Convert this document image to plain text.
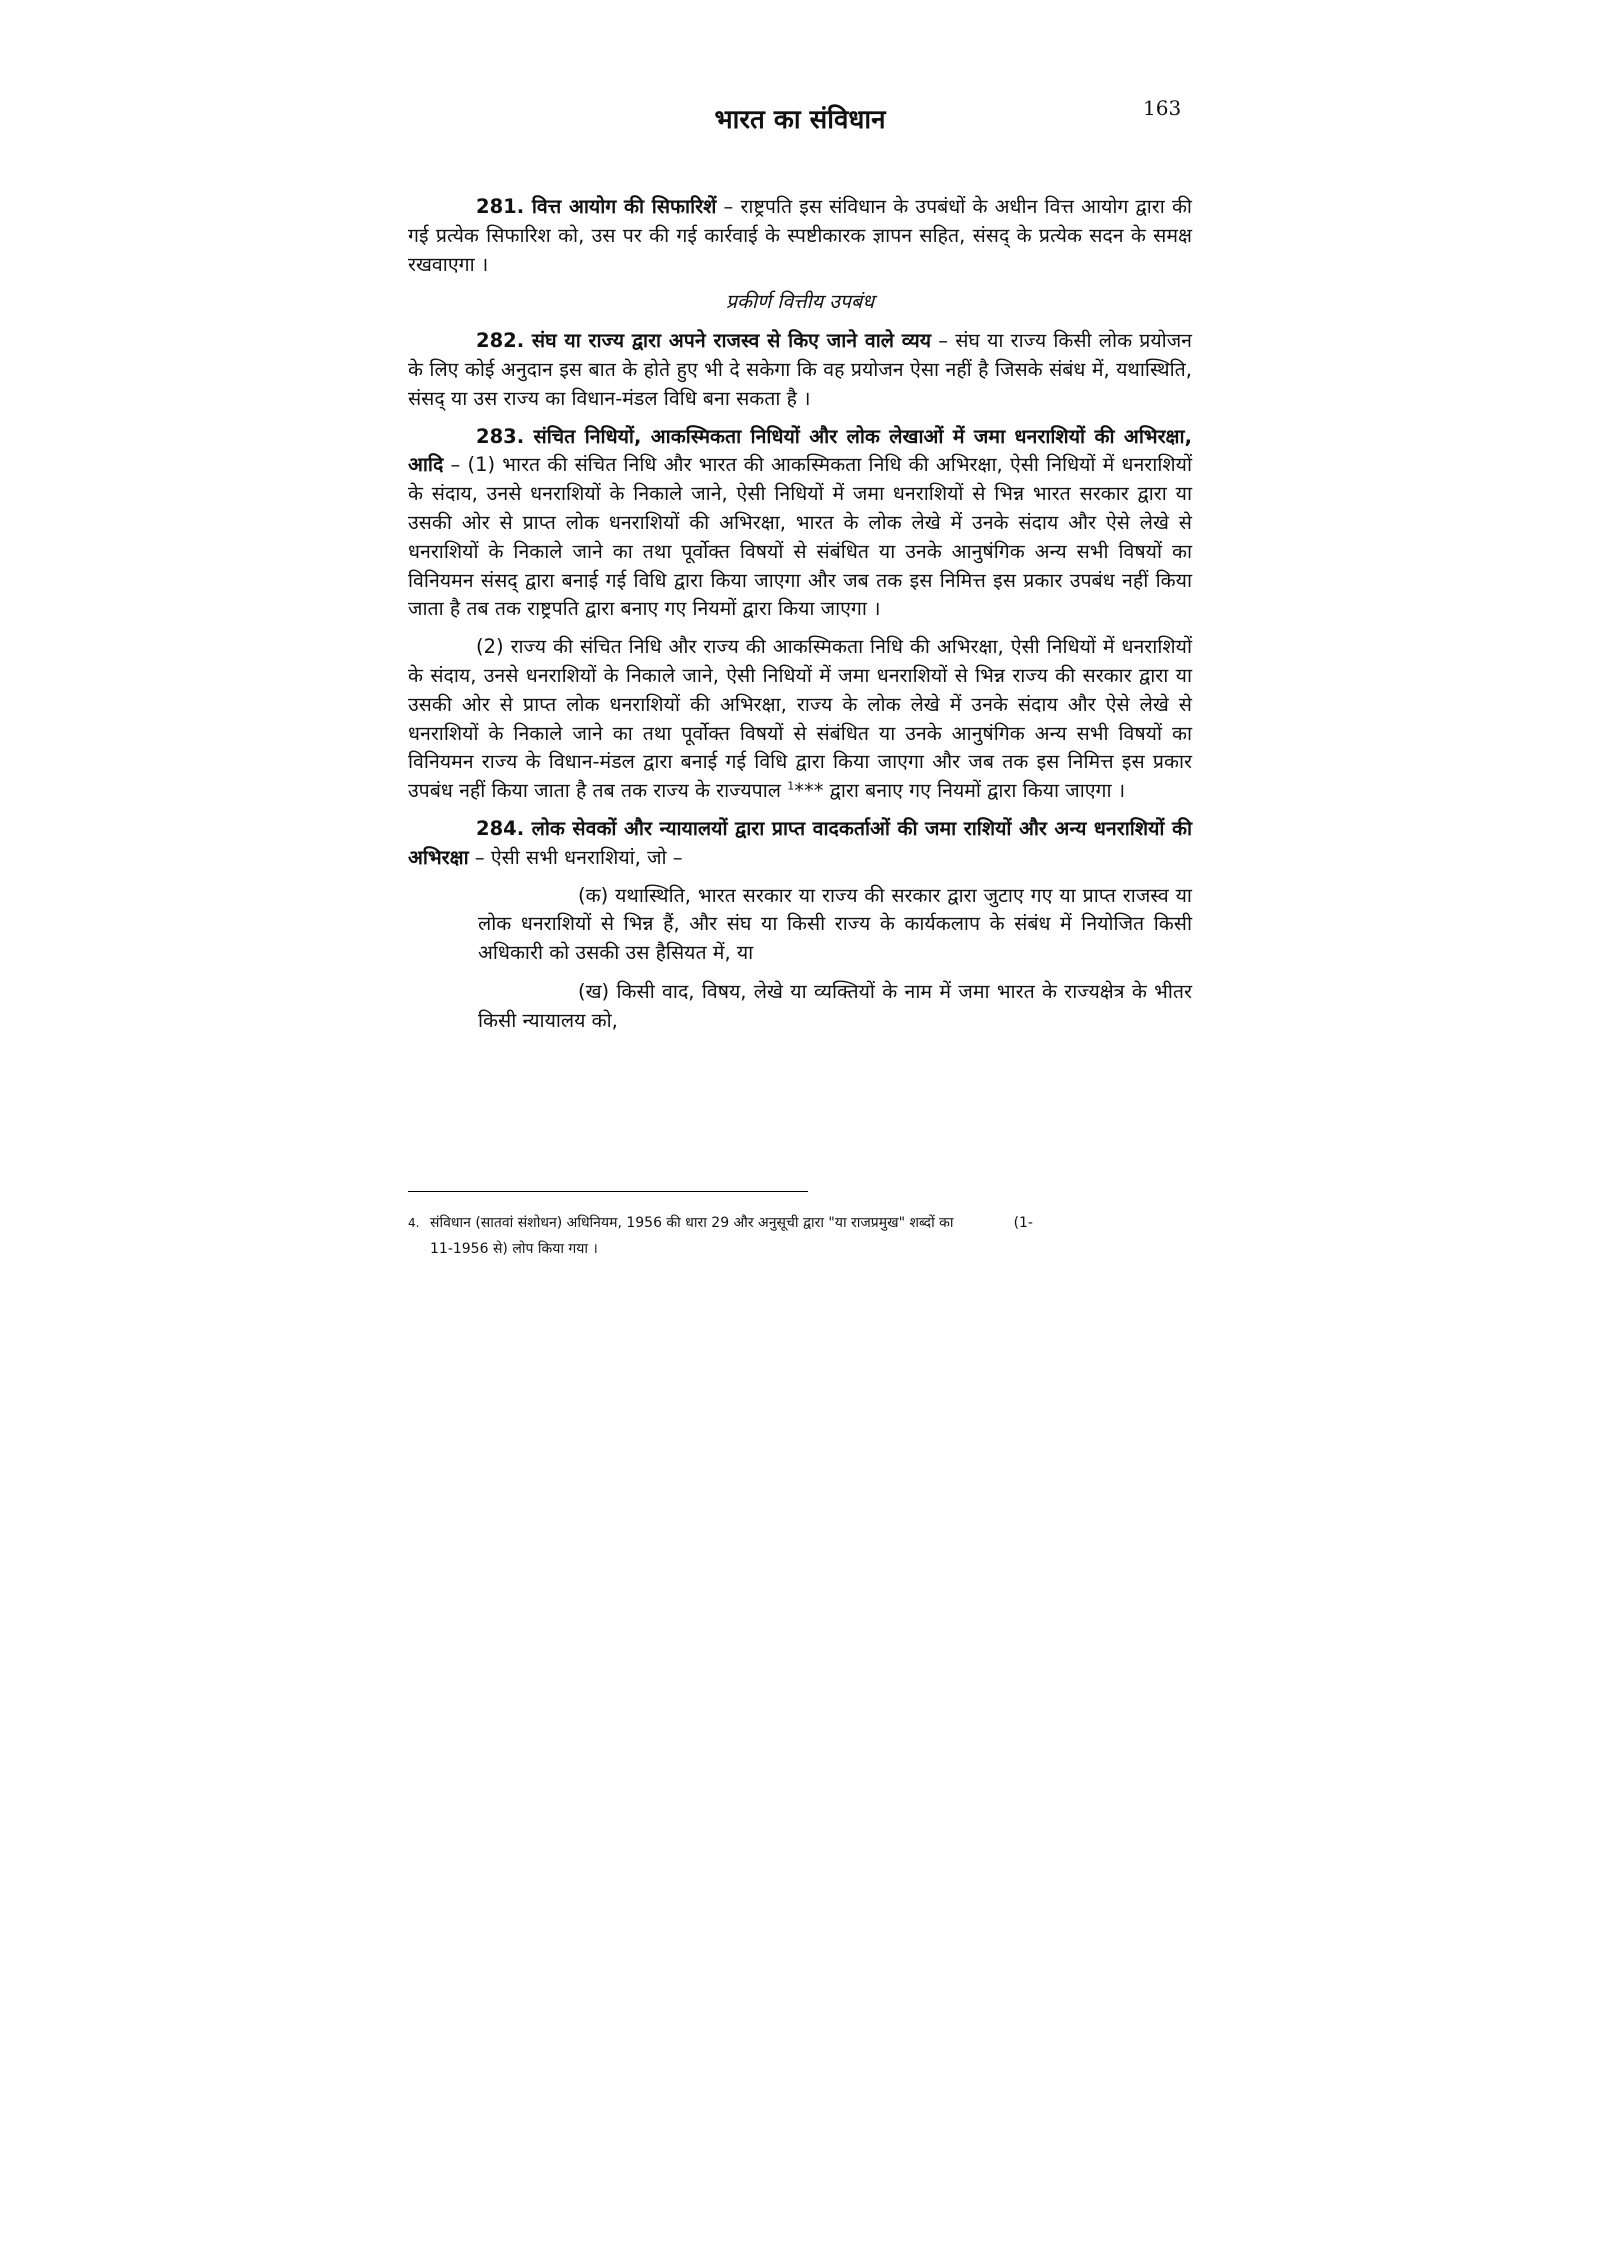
भारत का संविधान	163

281. वित्त आयोग की सिफारिशें – राष्ट्रपति इस संविधान के उपबंधों के अधीन वित्त आयोग द्वारा की गई प्रत्येक सिफारिश को, उस पर की गई कार्रवाई के स्पष्टीकारक ज्ञापन सहित, संसद् के प्रत्येक सदन के समक्ष रखवाएगा ।

प्रकीर्ण वित्तीय उपबंध

282. संघ या राज्य द्वारा अपने राजस्व से किए जाने वाले व्यय – संघ या राज्य किसी लोक प्रयोजन के लिए कोई अनुदान इस बात के होते हुए भी दे सकेगा कि वह प्रयोजन ऐसा नहीं है जिसके संबंध में, यथास्थिति, संसद् या उस राज्य का विधान-मंडल विधि बना सकता है ।

283. संचित निधियों, आकस्मिकता निधियों और लोक लेखाओं में जमा धनराशियों की अभिरक्षा, आदि – (1) भारत की संचित निधि और भारत की आकस्मिकता निधि की अभिरक्षा, ऐसी निधियों में धनराशियों के संदाय, उनसे धनराशियों के निकाले जाने, ऐसी निधियों में जमा धनराशियों से भिन्न भारत सरकार द्वारा या उसकी ओर से प्राप्त लोक धनराशियों की अभिरक्षा, भारत के लोक लेखे में उनके संदाय और ऐसे लेखे से धनराशियों के निकाले जाने का तथा पूर्वोक्त विषयों से संबंधित या उनके आनुषंगिक अन्य सभी विषयों का विनियमन संसद् द्वारा बनाई गई विधि द्वारा किया जाएगा और जब तक इस निमित्त इस प्रकार उपबंध नहीं किया जाता है तब तक राष्ट्रपति द्वारा बनाए गए नियमों द्वारा किया जाएगा ।

(2) राज्य की संचित निधि और राज्य की आकस्मिकता निधि की अभिरक्षा, ऐसी निधियों में धनराशियों के संदाय, उनसे धनराशियों के निकाले जाने, ऐसी निधियों में जमा धनराशियों से भिन्न राज्य की सरकार द्वारा या उसकी ओर से प्राप्त लोक धनराशियों की अभिरक्षा, राज्य के लोक लेखे में उनके संदाय और ऐसे लेखे से धनराशियों के निकाले जाने का तथा पूर्वोक्त विषयों से संबंधित या उनके आनुषंगिक अन्य सभी विषयों का विनियमन राज्य के विधान-मंडल द्वारा बनाई गई विधि द्वारा किया जाएगा और जब तक इस निमित्त इस प्रकार उपबंध नहीं किया जाता है तब तक राज्य के राज्यपाल $^1$*** द्वारा बनाए गए नियमों द्वारा किया जाएगा ।

284. लोक सेवकों और न्यायालयों द्वारा प्राप्त वादकर्ताओं की जमा राशियों और अन्य धनराशियों की अभिरक्षा – ऐसी सभी धनराशियां, जो –

(क) यथास्थिति, भारत सरकार या राज्य की सरकार द्वारा जुटाए गए या प्राप्त राजस्व या लोक धनराशियों से भिन्न हैं, और संघ या किसी राज्य के कार्यकलाप के संबंध में नियोजित किसी अधिकारी को उसकी उस हैसियत में, या

(ख) किसी वाद, विषय, लेखे या व्यक्तियों के नाम में जमा भारत के राज्यक्षेत्र के भीतर किसी न्यायालय को,

4. संविधान (सातवां संशोधन) अधिनियम, 1956 की धारा 29 और अनुसूची द्वारा "या राजप्रमुख" शब्दों का	(1-
11-1956 से) लोप किया गया ।
